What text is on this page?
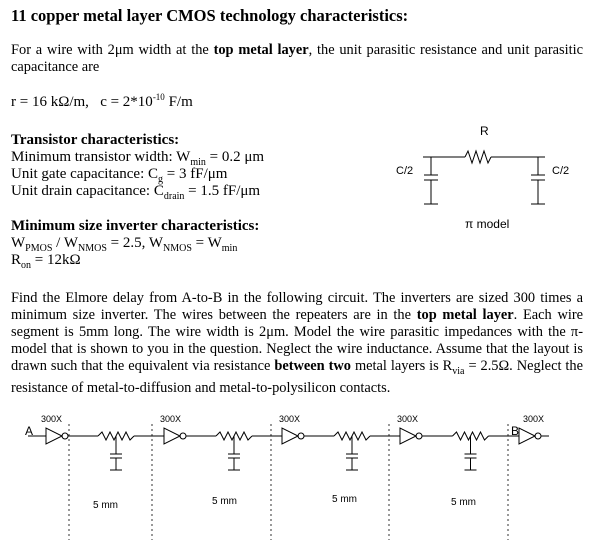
11 copper metal layer CMOS technology characteristics:
For a wire with 2μm width at the top metal layer, the unit parasitic resistance and unit parasitic capacitance are
r = 16 kΩ/m, $c = 2*10^{-10}$ F/m
Transistor characteristics:
Minimum transistor width: $W_{min} = 0.2$ μm
Unit gate capacitance: $C_g = 3$ fF/μm
Unit drain capacitance: $C_{drain} = 1.5$ fF/μm
Minimum size inverter characteristics:
$W_{PMOS} / W_{NMOS} = 2.5$, $W_{NMOS} = W_{min}$
$R_{on} = 12k\Omega$
Find the Elmore delay from A-to-B in the following circuit. The inverters are sized 300 times a minimum size inverter. The wires between the repeaters are in the top metal layer. Each wire segment is 5mm long. The wire width is 2μm. Model the wire parasitic impedances with the π-model that is shown to you in the question. Neglect the wire inductance. Assume that the layout is drawn such that the equivalent via resistance between two metal layers is $R_{via} = 2.5\Omega$. Neglect the resistance of metal-to-diffusion and metal-to-polysilicon contacts.
R
C/2	C/2
π model
A	B
300X	300X	300X	300X	300X
5 mm	5 mm	5 mm	5 mm
